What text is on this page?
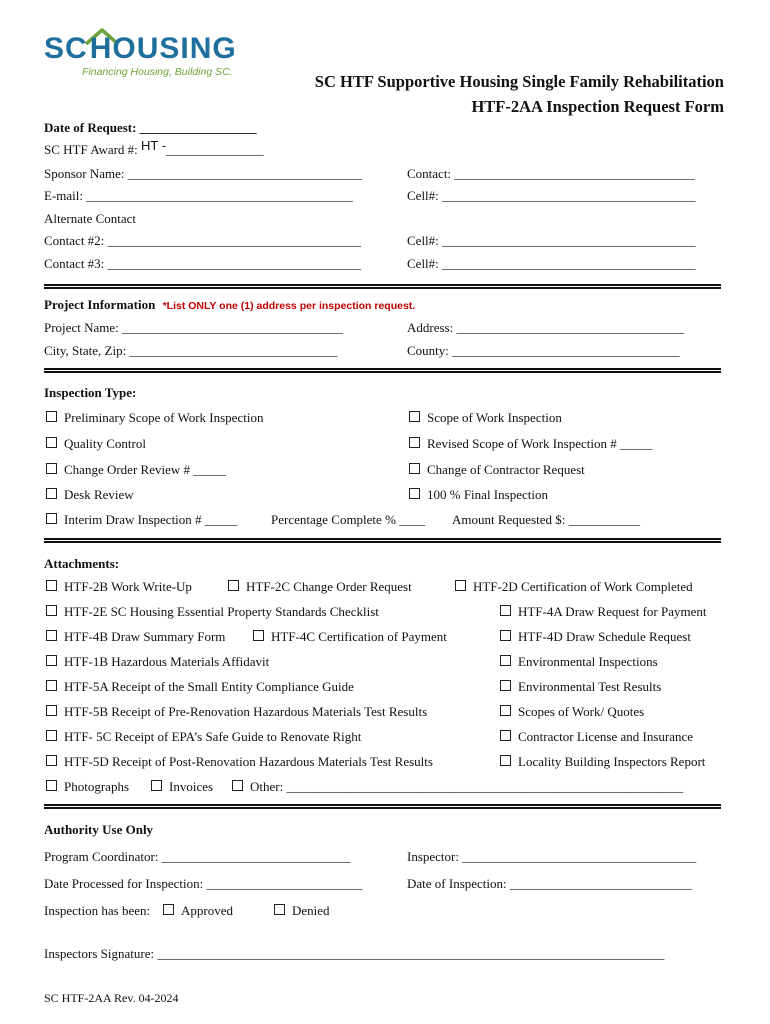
SCHOUSING
Financing Housing, Building SC.	SC HTF Supportive Housing Single Family Rehabilitation
HTF-2AA Inspection Request Form
Date of Request: __________________
SC HTF Award #: HT -_______________
Sponsor Name: ____________________________________	Contact: _____________________________________
E-mail: _________________________________________	Cell#: _______________________________________
Alternate Contact
Contact #2: _______________________________________	Cell#: _______________________________________
Contact #3: _______________________________________	Cell#: _______________________________________
Project Information *List ONLY one (1) address per inspection request.
Project Name: __________________________________	Address: ___________________________________
City, State, Zip: ________________________________	County: ___________________________________
Inspection Type:
Preliminary Scope of Work Inspection	Scope of Work Inspection
Quality Control	Revised Scope of Work Inspection # _____
Change Order Review # _____	Change of Contractor Request
Desk Review	100 % Final Inspection
Interim Draw Inspection # _____	Percentage Complete % ____ Amount Requested $: ___________
Attachments:
HTF-2B Work Write-Up	HTF-2C Change Order Request	HTF-2D Certification of Work Completed
HTF-2E SC Housing Essential Property Standards Checklist	HTF-4A Draw Request for Payment
HTF-4B Draw Summary Form	HTF-4C Certification of Payment	HTF-4D Draw Schedule Request
HTF-1B Hazardous Materials Affidavit	Environmental Inspections
HTF-5A Receipt of the Small Entity Compliance Guide	Environmental Test Results
HTF-5B Receipt of Pre-Renovation Hazardous Materials Test Results	Scopes of Work/ Quotes
HTF- 5C Receipt of EPA’s Safe Guide to Renovate Right	Contractor License and Insurance
HTF-5D Receipt of Post-Renovation Hazardous Materials Test Results	Locality Building Inspectors Report
Photographs	Invoices	Other: _____________________________________________________________
Authority Use Only
Program Coordinator: _____________________________	Inspector: ____________________________________
Date Processed for Inspection: ________________________	Date of Inspection: ____________________________
Inspection has been:	Approved	Denied
Inspectors Signature: ______________________________________________________________________________
SC HTF-2AA Rev. 04-2024
